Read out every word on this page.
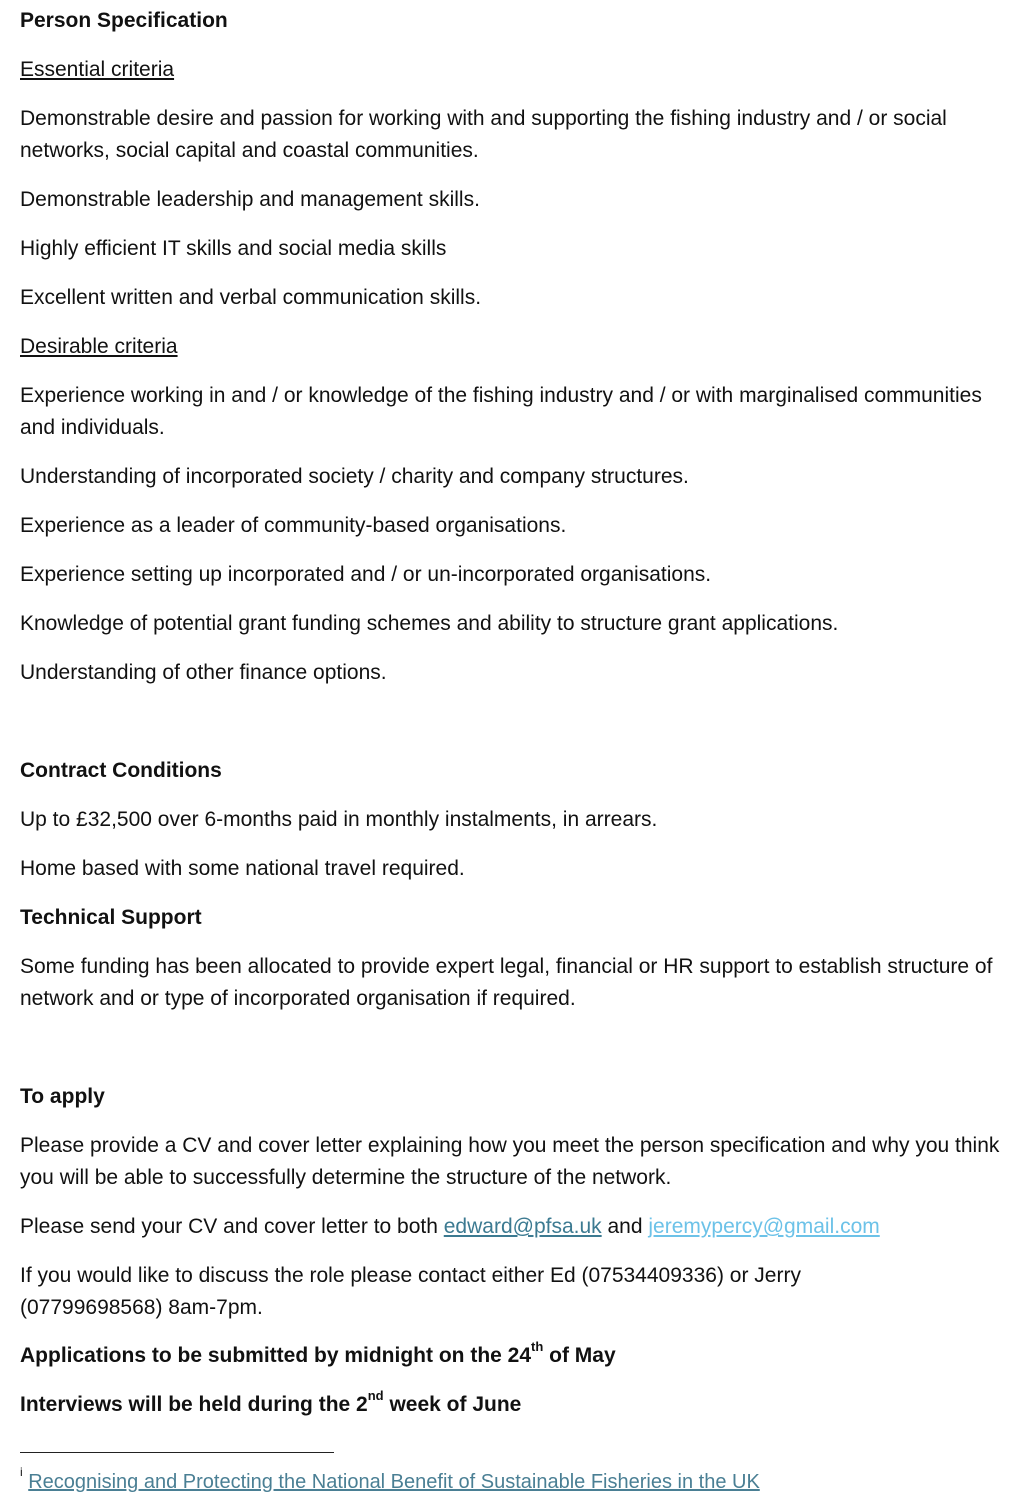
Person Specification

Essential criteria

Demonstrable desire and passion for working with and supporting the fishing industry and / or social networks, social capital and coastal communities.

Demonstrable leadership and management skills.

Highly efficient IT skills and social media skills

Excellent written and verbal communication skills.

Desirable criteria

Experience working in and / or knowledge of the fishing industry and / or with marginalised communities and individuals.

Understanding of incorporated society / charity and company structures.

Experience as a leader of community-based organisations.

Experience setting up incorporated and / or un-incorporated organisations.

Knowledge of potential grant funding schemes and ability to structure grant applications.

Understanding of other finance options.

Contract Conditions

Up to £32,500 over 6-months paid in monthly instalments, in arrears.

Home based with some national travel required.

Technical Support

Some funding has been allocated to provide expert legal, financial or HR support to establish structure of network and or type of incorporated organisation if required.

To apply

Please provide a CV and cover letter explaining how you meet the person specification and why you think you will be able to successfully determine the structure of the network.

Please send your CV and cover letter to both edward@pfsa.uk and jeremypercy@gmail.com

If you would like to discuss the role please contact either Ed (07534409336) or Jerry (07799698568) 8am-7pm.

Applications to be submitted by midnight on the 24th of May

Interviews will be held during the 2nd week of June

$^i$ Recognising and Protecting the National Benefit of Sustainable Fisheries in the UK
